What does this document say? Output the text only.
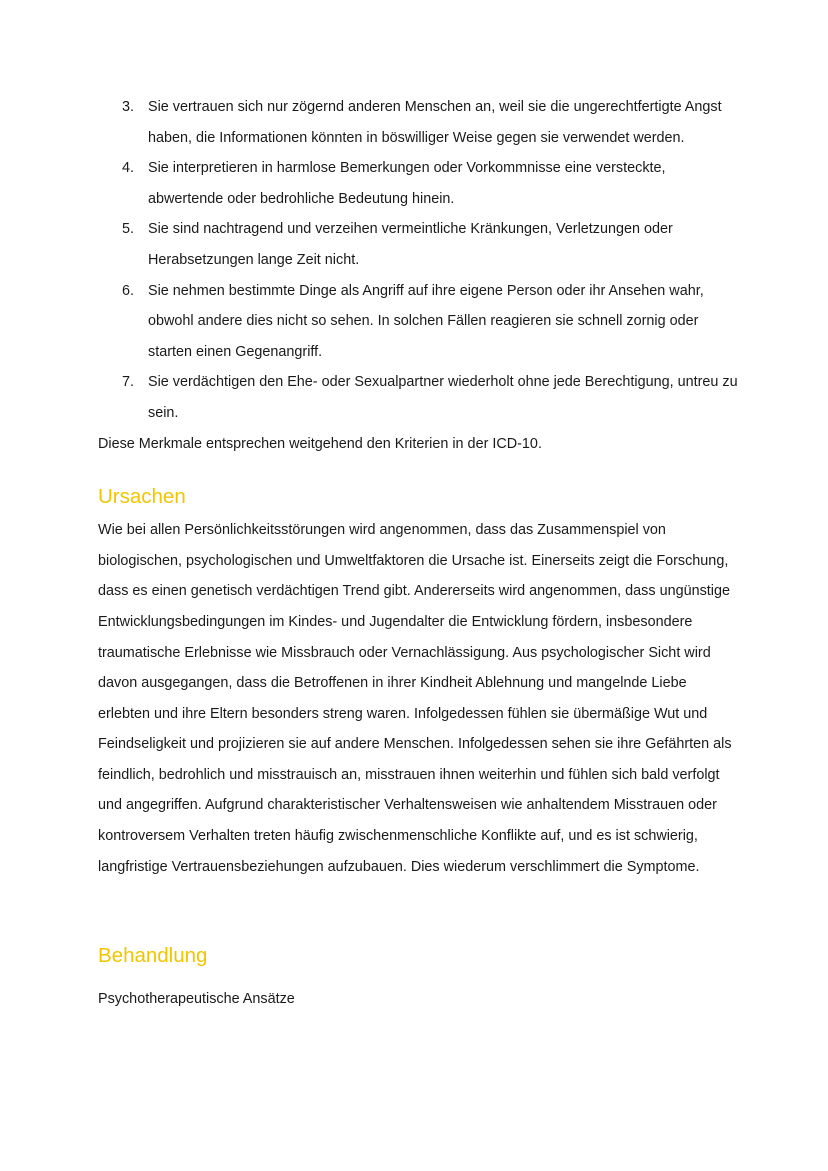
3. Sie vertrauen sich nur zögernd anderen Menschen an, weil sie die ungerechtfertigte Angst haben, die Informationen könnten in böswilliger Weise gegen sie verwendet werden.
4. Sie interpretieren in harmlose Bemerkungen oder Vorkommnisse eine versteckte, abwertende oder bedrohliche Bedeutung hinein.
5. Sie sind nachtragend und verzeihen vermeintliche Kränkungen, Verletzungen oder Herabsetzungen lange Zeit nicht.
6. Sie nehmen bestimmte Dinge als Angriff auf ihre eigene Person oder ihr Ansehen wahr, obwohl andere dies nicht so sehen. In solchen Fällen reagieren sie schnell zornig oder starten einen Gegenangriff.
7. Sie verdächtigen den Ehe- oder Sexualpartner wiederholt ohne jede Berechtigung, untreu zu sein.

Diese Merkmale entsprechen weitgehend den Kriterien in der ICD-10.

Ursachen

Wie bei allen Persönlichkeitsstörungen wird angenommen, dass das Zusammenspiel von biologischen, psychologischen und Umweltfaktoren die Ursache ist. Einerseits zeigt die Forschung, dass es einen genetisch verdächtigen Trend gibt. Andererseits wird angenommen, dass ungünstige Entwicklungsbedingungen im Kindes- und Jugendalter die Entwicklung fördern, insbesondere traumatische Erlebnisse wie Missbrauch oder Vernachlässigung. Aus psychologischer Sicht wird davon ausgegangen, dass die Betroffenen in ihrer Kindheit Ablehnung und mangelnde Liebe erlebten und ihre Eltern besonders streng waren. Infolgedessen fühlen sie übermäßige Wut und Feindseligkeit und projizieren sie auf andere Menschen. Infolgedessen sehen sie ihre Gefährten als feindlich, bedrohlich und misstrauisch an, misstrauen ihnen weiterhin und fühlen sich bald verfolgt und angegriffen. Aufgrund charakteristischer Verhaltensweisen wie anhaltendem Misstrauen oder kontroversem Verhalten treten häufig zwischenmenschliche Konflikte auf, und es ist schwierig, langfristige Vertrauensbeziehungen aufzubauen. Dies wiederum verschlimmert die Symptome.

Behandlung

Psychotherapeutische Ansätze
